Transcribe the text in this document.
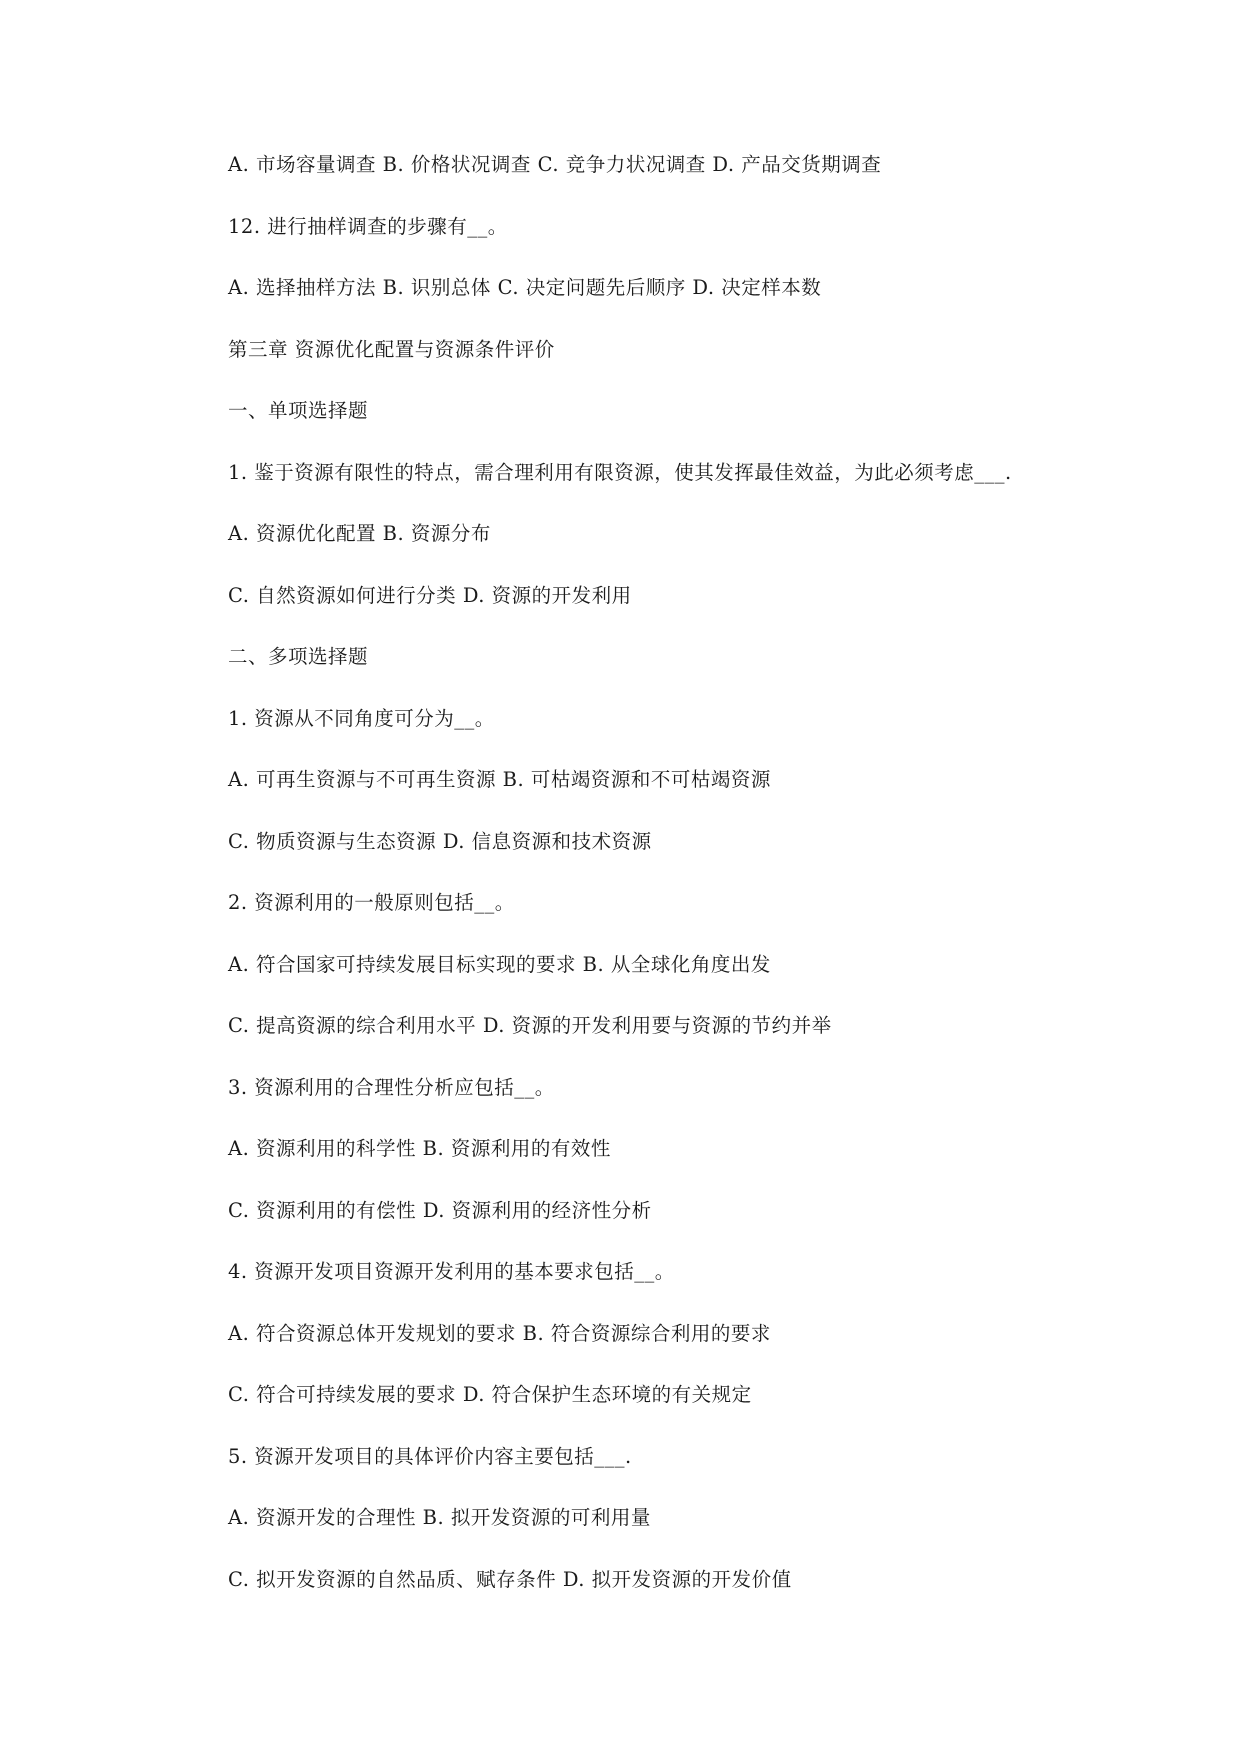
A. 市场容量调查 B. 价格状况调查 C. 竞争力状况调查 D. 产品交货期调查
12. 进行抽样调查的步骤有__。
A. 选择抽样方法 B. 识别总体 C. 决定问题先后顺序 D. 决定样本数
第三章 资源优化配置与资源条件评价
一、单项选择题
1. 鉴于资源有限性的特点，需合理利用有限资源，使其发挥最佳效益，为此必须考虑___.
A. 资源优化配置 B. 资源分布
C. 自然资源如何进行分类 D. 资源的开发利用
二、多项选择题
1. 资源从不同角度可分为__。
A. 可再生资源与不可再生资源 B. 可枯竭资源和不可枯竭资源
C. 物质资源与生态资源 D. 信息资源和技术资源
2. 资源利用的一般原则包括__。
A. 符合国家可持续发展目标实现的要求 B. 从全球化角度出发
C. 提高资源的综合利用水平 D. 资源的开发利用要与资源的节约并举
3. 资源利用的合理性分析应包括__。
A. 资源利用的科学性 B. 资源利用的有效性
C. 资源利用的有偿性 D. 资源利用的经济性分析
4. 资源开发项目资源开发利用的基本要求包括__。
A. 符合资源总体开发规划的要求 B. 符合资源综合利用的要求
C. 符合可持续发展的要求 D. 符合保护生态环境的有关规定
5. 资源开发项目的具体评价内容主要包括___.
A. 资源开发的合理性 B. 拟开发资源的可利用量
C. 拟开发资源的自然品质、赋存条件 D. 拟开发资源的开发价值
